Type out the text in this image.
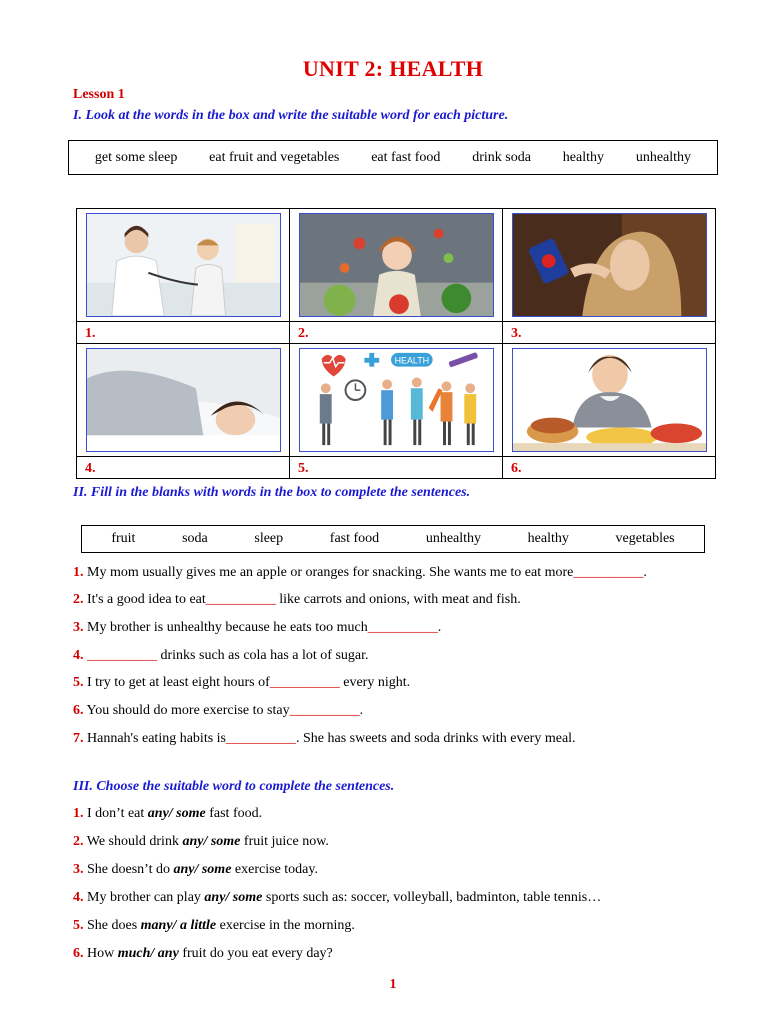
UNIT 2: HEALTH
Lesson 1
I. Look at the words in the box and write the suitable word for each picture.
get some sleep eat fruit and vegetables eat fast food drink soda healthy unhealthy

1.	2.	3.

HEALTH

4.	5.	6.
II. Fill in the blanks with words in the box to complete the sentences.
fruit	soda	sleep	fast food	unhealthy	healthy	vegetables
1. My mom usually gives me an apple or oranges for snacking. She wants me to eat more__________.
2. It's a good idea to eat__________ like carrots and onions, with meat and fish.
3. My brother is unhealthy because he eats too much__________.
4. __________ drinks such as cola has a lot of sugar.
5. I try to get at least eight hours of__________ every night.
6. You should do more exercise to stay__________.
7. Hannah's eating habits is__________. She has sweets and soda drinks with every meal.
III. Choose the suitable word to complete the sentences.
1. I don’t eat any/ some fast food.
2. We should drink any/ some fruit juice now.
3. She doesn’t do any/ some exercise today.
4. My brother can play any/ some sports such as: soccer, volleyball, badminton, table tennis…
5. She does many/ a little exercise in the morning.
6. How much/ any fruit do you eat every day?
1
